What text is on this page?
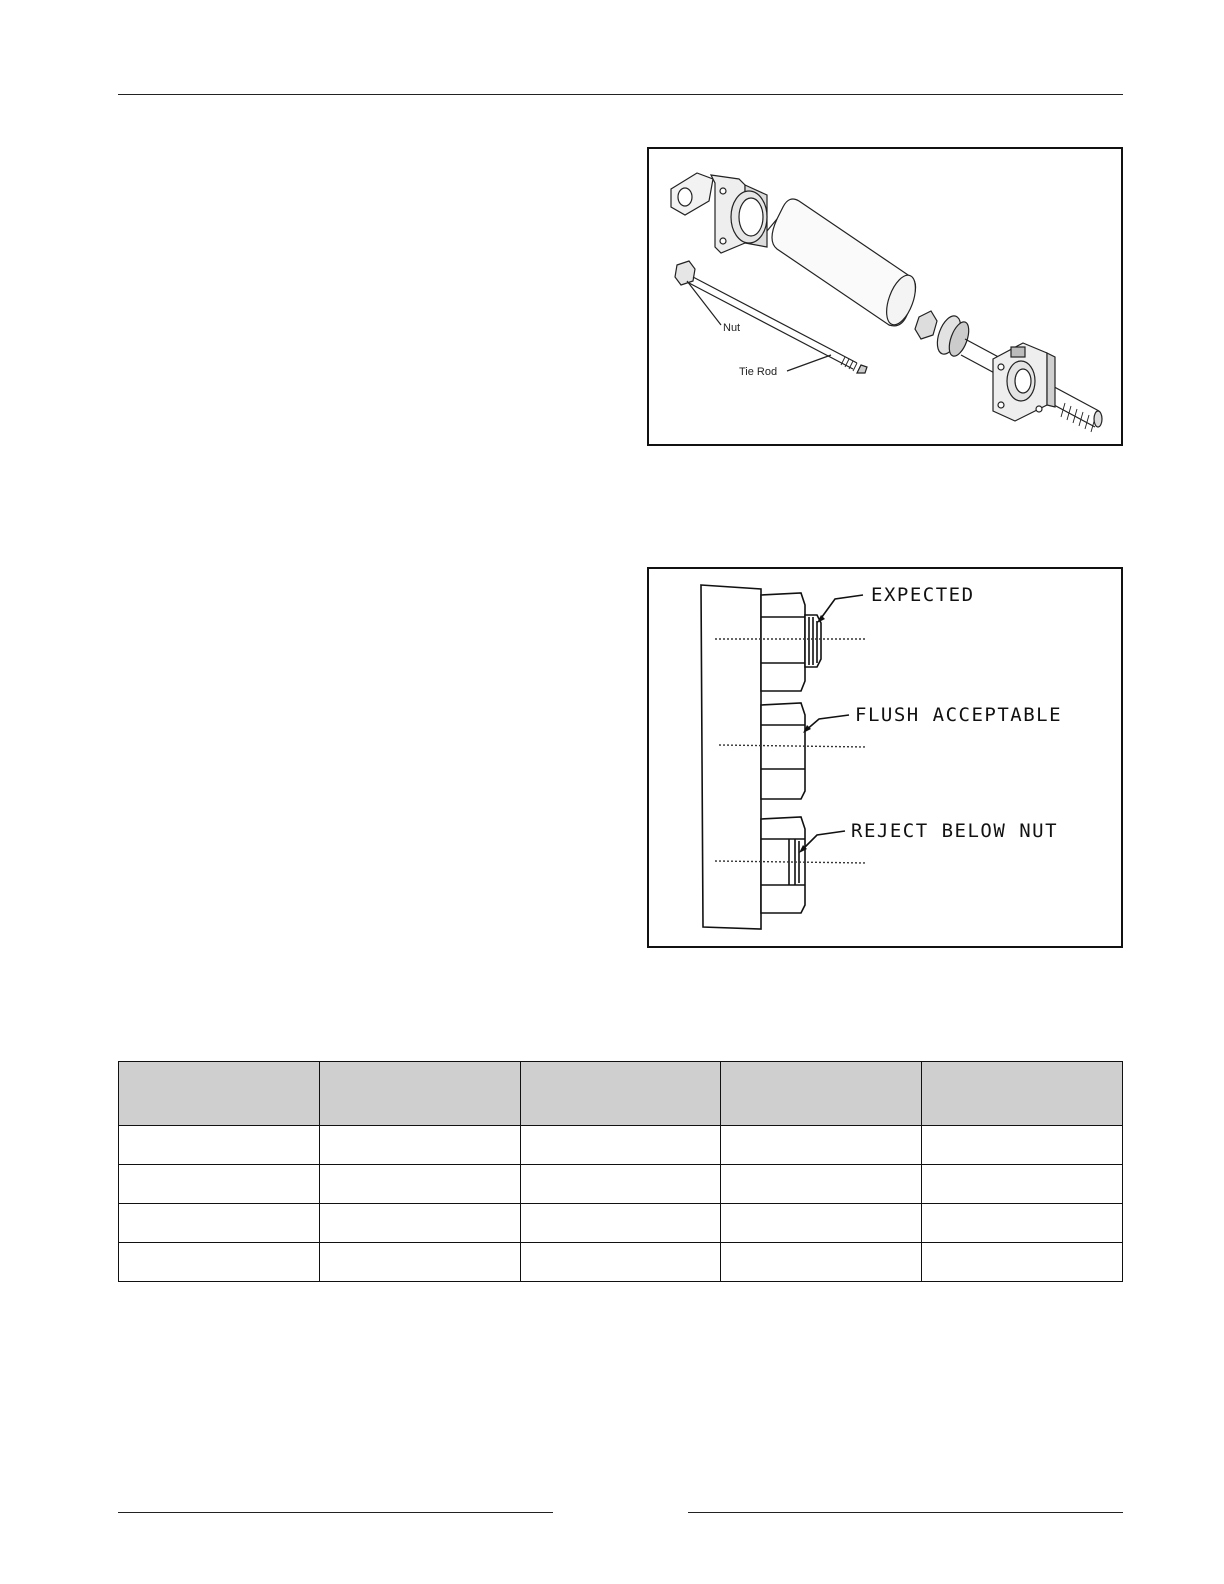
Nut
Tie Rod
EXPECTED
FLUSH ACCEPTABLE
REJECT BELOW NUT
